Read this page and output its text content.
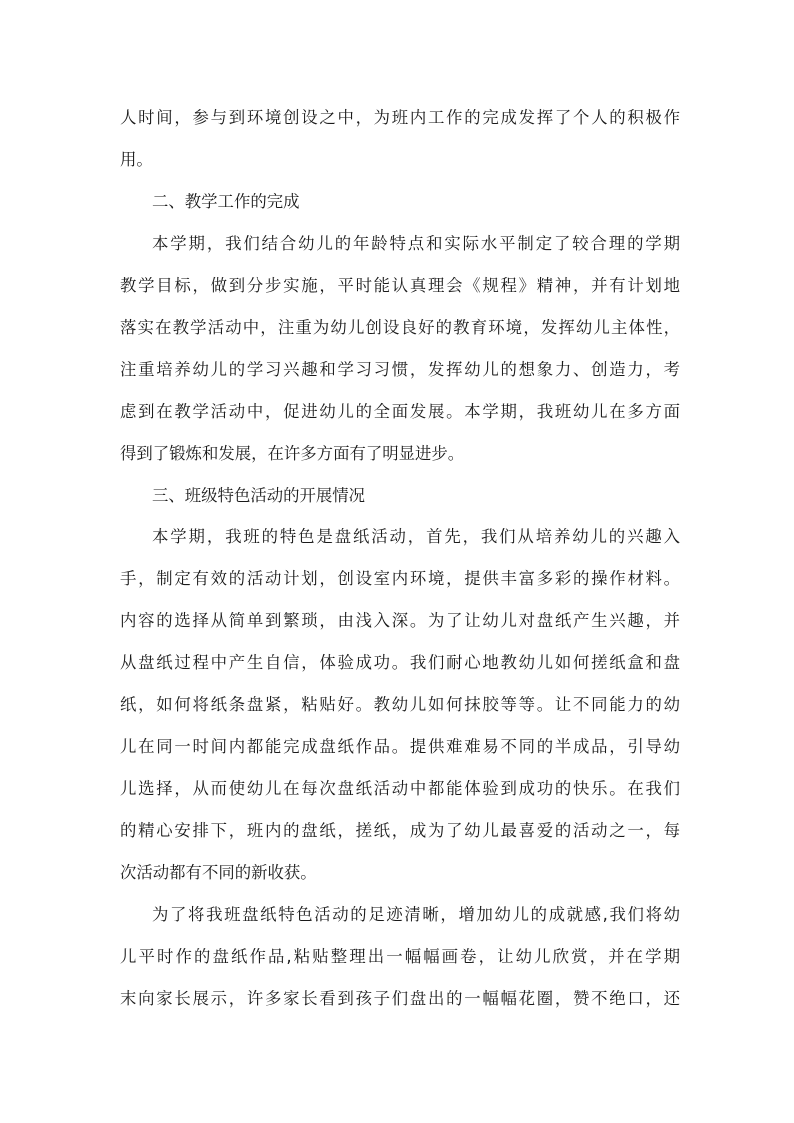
人时间，参与到环境创设之中，为班内工作的完成发挥了个人的积极作
用。
二、教学工作的完成
本学期，我们结合幼儿的年龄特点和实际水平制定了较合理的学期
教学目标，做到分步实施，平时能认真理会《规程》精神，并有计划地
落实在教学活动中，注重为幼儿创设良好的教育环境，发挥幼儿主体性，
注重培养幼儿的学习兴趣和学习习惯，发挥幼儿的想象力、创造力，考
虑到在教学活动中，促进幼儿的全面发展。本学期，我班幼儿在多方面
得到了锻炼和发展，在许多方面有了明显进步。
三、班级特色活动的开展情况
本学期，我班的特色是盘纸活动，首先，我们从培养幼儿的兴趣入
手，制定有效的活动计划，创设室内环境，提供丰富多彩的操作材料。
内容的选择从简单到繁琐，由浅入深。为了让幼儿对盘纸产生兴趣，并
从盘纸过程中产生自信，体验成功。我们耐心地教幼儿如何搓纸盒和盘
纸，如何将纸条盘紧，粘贴好。教幼儿如何抹胶等等。让不同能力的幼
儿在同一时间内都能完成盘纸作品。提供难难易不同的半成品，引导幼
儿选择，从而使幼儿在每次盘纸活动中都能体验到成功的快乐。在我们
的精心安排下，班内的盘纸，搓纸，成为了幼儿最喜爱的活动之一，每
次活动都有不同的新收获。
为了将我班盘纸特色活动的足迹清晰，增加幼儿的成就感,我们将幼
儿平时作的盘纸作品,粘贴整理出一幅幅画卷，让幼儿欣赏，并在学期
末向家长展示，许多家长看到孩子们盘出的一幅幅花圈，赞不绝口，还
